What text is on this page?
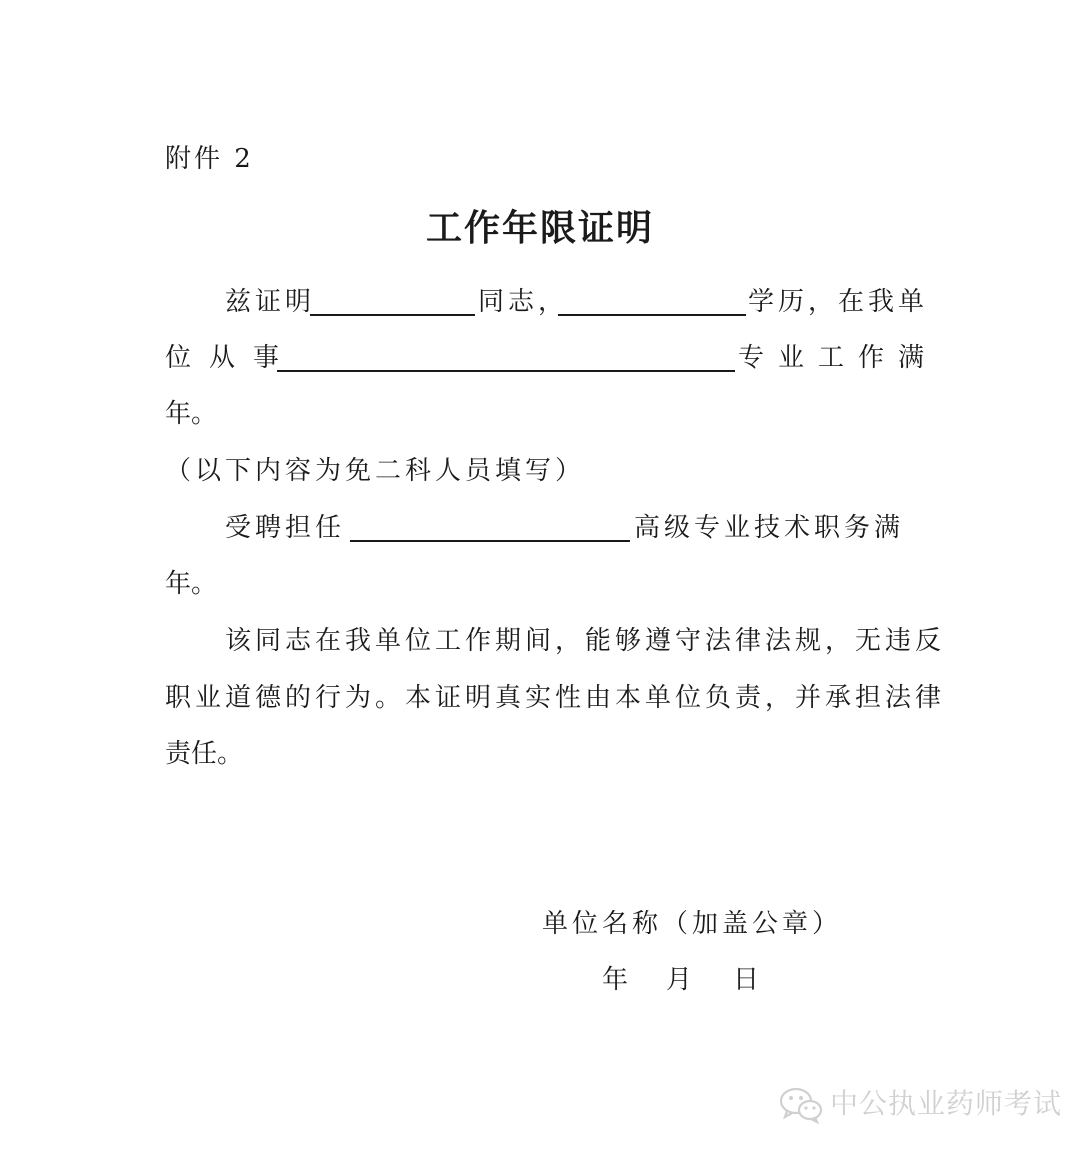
附件 2
工作年限证明
兹证明	同志，	学历，在我单
位从事	专业工作满
年。
（以下内容为免二科人员填写）
受聘担任	高级专业技术职务满
年。
该同志在我单位工作期间，能够遵守法律法规，无违反
职业道德的行为。本证明真实性由本单位负责，并承担法律
责任。
单位名称（加盖公章）
年 月 日
中公执业药师考试
